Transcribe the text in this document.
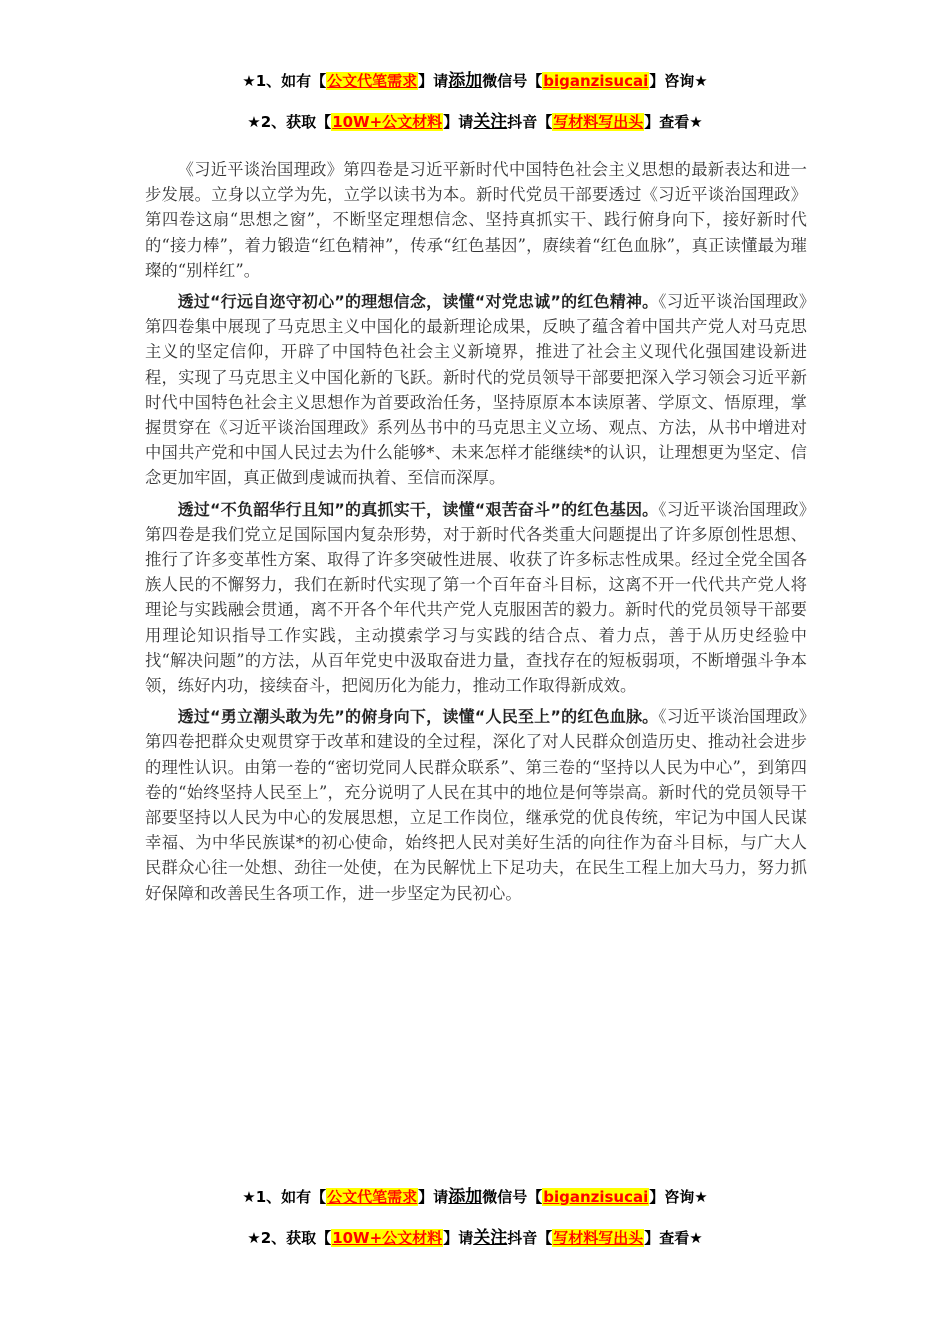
★1、如有【公文代笔需求】请添加微信号【biganzisucai】咨询★
★2、获取【10W+公文材料】请关注抖音【写材料写出头】查看★

《习近平谈治国理政》第四卷是习近平新时代中国特色社会主义思想的最新表达和进一步发展。立身以立学为先，立学以读书为本。新时代党员干部要透过《习近平谈治国理政》第四卷这扇“思想之窗”，不断坚定理想信念、坚持真抓实干、践行俯身向下，接好新时代的“接力棒”，着力锻造“红色精神”，传承“红色基因”，赓续着“红色血脉”，真正读懂最为璀璨的“别样红”。

透过“行远自迩守初心”的理想信念，读懂“对党忠诚”的红色精神。《习近平谈治国理政》第四卷集中展现了马克思主义中国化的最新理论成果，反映了蕴含着中国共产党人对马克思主义的坚定信仰，开辟了中国特色社会主义新境界，推进了社会主义现代化强国建设新进程，实现了马克思主义中国化新的飞跃。新时代的党员领导干部要把深入学习领会习近平新时代中国特色社会主义思想作为首要政治任务，坚持原原本本读原著、学原文、悟原理，掌握贯穿在《习近平谈治国理政》系列丛书中的马克思主义立场、观点、方法，从书中增进对中国共产党和中国人民过去为什么能够*、未来怎样才能继续*的认识，让理想更为坚定、信念更加牢固，真正做到虔诚而执着、至信而深厚。

透过“不负韶华行且知”的真抓实干，读懂“艰苦奋斗”的红色基因。《习近平谈治国理政》第四卷是我们党立足国际国内复杂形势，对于新时代各类重大问题提出了许多原创性思想、推行了许多变革性方案、取得了许多突破性进展、收获了许多标志性成果。经过全党全国各族人民的不懈努力，我们在新时代实现了第一个百年奋斗目标，这离不开一代代共产党人将理论与实践融会贯通，离不开各个年代共产党人克服困苦的毅力。新时代的党员领导干部要用理论知识指导工作实践，主动摸索学习与实践的结合点、着力点，善于从历史经验中找“解决问题”的方法，从百年党史中汲取奋进力量，查找存在的短板弱项，不断增强斗争本领，练好内功，接续奋斗，把阅历化为能力，推动工作取得新成效。

透过“勇立潮头敢为先”的俯身向下，读懂“人民至上”的红色血脉。《习近平谈治国理政》第四卷把群众史观贯穿于改革和建设的全过程，深化了对人民群众创造历史、推动社会进步的理性认识。由第一卷的“密切党同人民群众联系”、第三卷的“坚持以人民为中心”，到第四卷的“始终坚持人民至上”，充分说明了人民在其中的地位是何等崇高。新时代的党员领导干部要坚持以人民为中心的发展思想，立足工作岗位，继承党的优良传统，牢记为中国人民谋幸福、为中华民族谋*的初心使命，始终把人民对美好生活的向往作为奋斗目标，与广大人民群众心往一处想、劲往一处使，在为民解忧上下足功夫，在民生工程上加大马力，努力抓好保障和改善民生各项工作，进一步坚定为民初心。

★1、如有【公文代笔需求】请添加微信号【biganzisucai】咨询★
★2、获取【10W+公文材料】请关注抖音【写材料写出头】查看★
